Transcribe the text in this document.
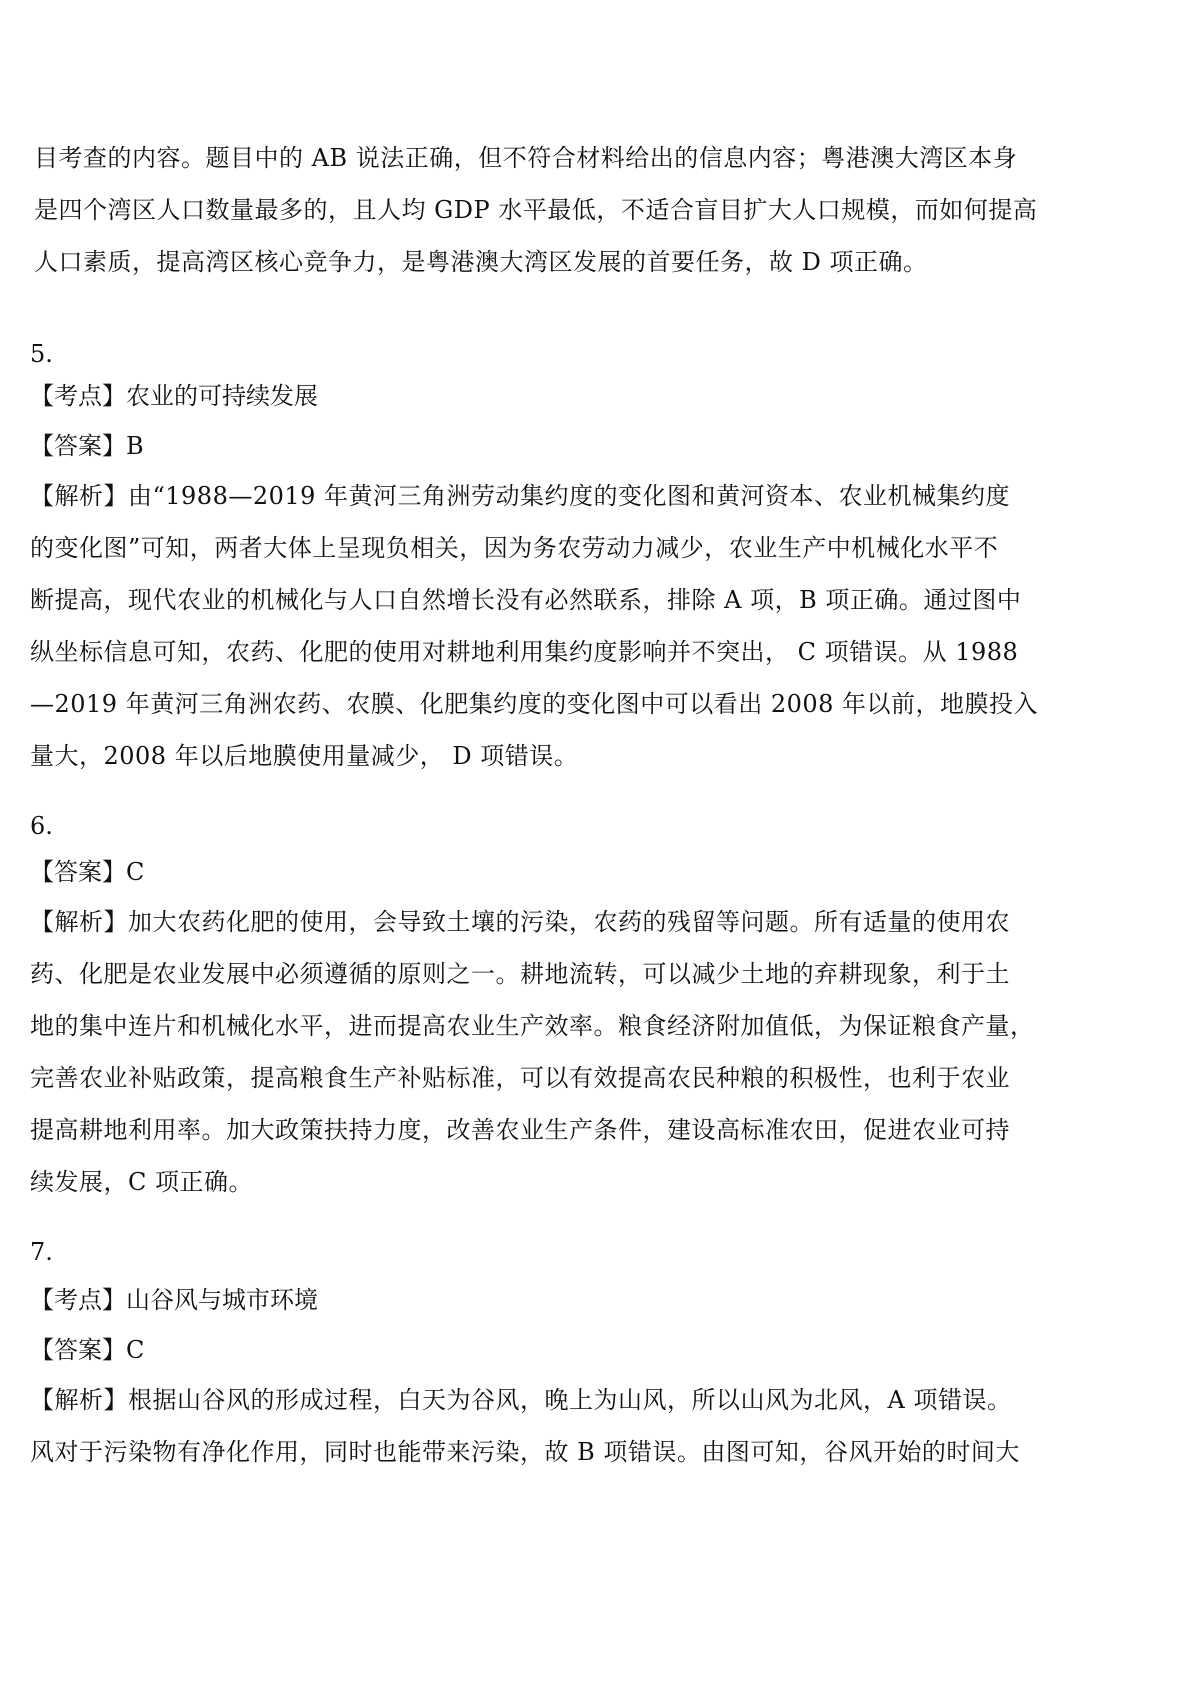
目考查的内容。题目中的 AB 说法正确，但不符合材料给出的信息内容；粤港澳大湾区本身
是四个湾区人口数量最多的，且人均 GDP 水平最低，不适合盲目扩大人口规模，而如何提高
人口素质，提高湾区核心竞争力，是粤港澳大湾区发展的首要任务，故 D 项正确。
5.
【考点】农业的可持续发展
【答案】B
【解析】由“1988—2019 年黄河三角洲劳动集约度的变化图和黄河资本、农业机械集约度
的变化图”可知，两者大体上呈现负相关，因为务农劳动力减少，农业生产中机械化水平不
断提高，现代农业的机械化与人口自然增长没有必然联系，排除 A 项，B 项正确。通过图中
纵坐标信息可知，农药、化肥的使用对耕地利用集约度影响并不突出， C 项错误。从 1988
—2019 年黄河三角洲农药、农膜、化肥集约度的变化图中可以看出 2008 年以前，地膜投入
量大，2008 年以后地膜使用量减少， D 项错误。
6.
【答案】C
【解析】加大农药化肥的使用，会导致土壤的污染，农药的残留等问题。所有适量的使用农
药、化肥是农业发展中必须遵循的原则之一。耕地流转，可以减少土地的弃耕现象，利于土
地的集中连片和机械化水平，进而提高农业生产效率。粮食经济附加值低，为保证粮食产量，
完善农业补贴政策，提高粮食生产补贴标准，可以有效提高农民种粮的积极性，也利于农业
提高耕地利用率。加大政策扶持力度，改善农业生产条件，建设高标准农田，促进农业可持
续发展，C 项正确。
7.
【考点】山谷风与城市环境
【答案】C
【解析】根据山谷风的形成过程，白天为谷风，晚上为山风，所以山风为北风，A 项错误。
风对于污染物有净化作用，同时也能带来污染，故 B 项错误。由图可知，谷风开始的时间大
